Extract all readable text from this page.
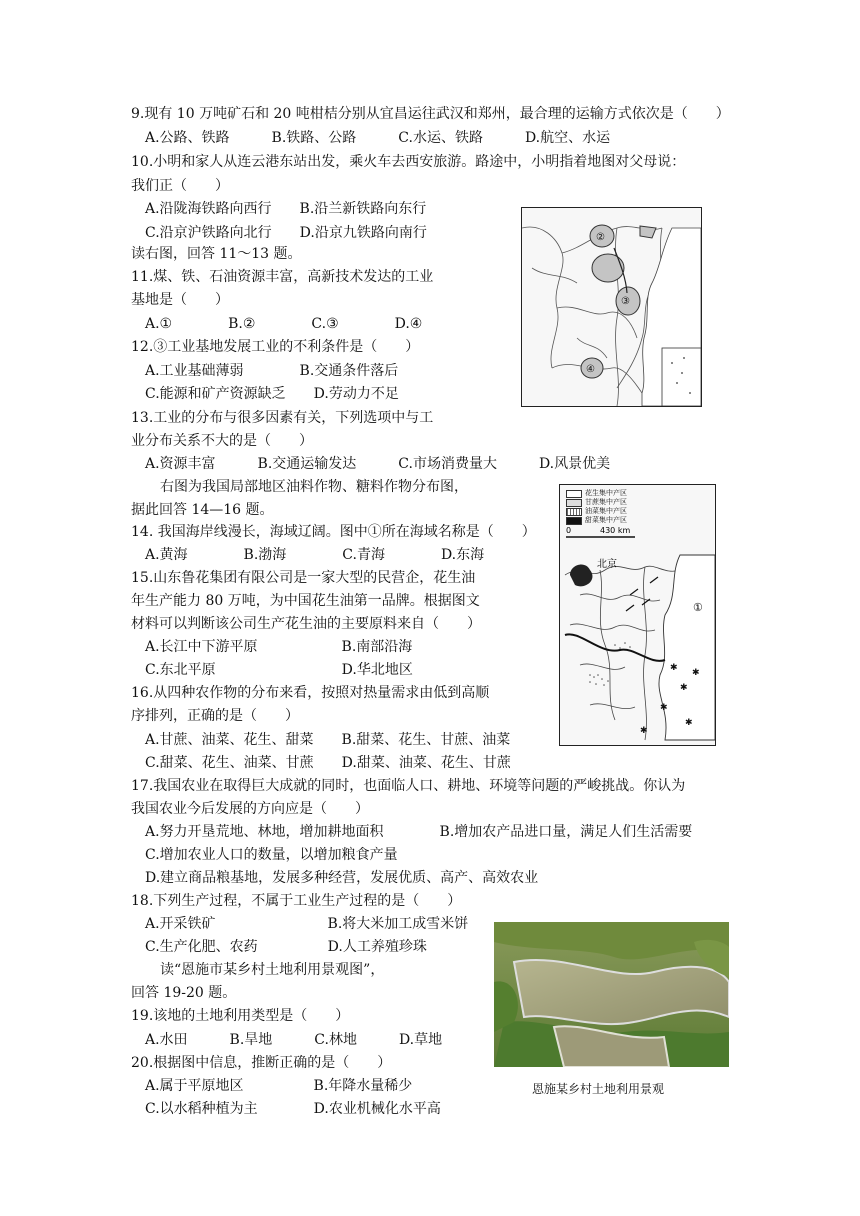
9.现有 10 万吨矿石和 20 吨柑桔分别从宜昌运往武汉和郑州，最合理的运输方式依次是（　　）
A.公路、铁路　　　B.铁路、公路　　　C.水运、铁路　　　D.航空、水运
10.小明和家人从连云港东站出发，乘火车去西安旅游。路途中，小明指着地图对父母说：
我们正（　　）
A.沿陇海铁路向西行　　B.沿兰新铁路向东行
C.沿京沪铁路向北行　　D.沿京九铁路向南行
读右图，回答 11～13 题。
11.煤、铁、石油资源丰富，高新技术发达的工业
基地是（　　）
A.①　　　　B.②　　　　C.③　　　　D.④
12.③工业基地发展工业的不利条件是（　　）
A.工业基础薄弱　　　　B.交通条件落后
C.能源和矿产资源缺乏　　D.劳动力不足
13.工业的分布与很多因素有关，下列选项中与工
业分布关系不大的是（　　）
A.资源丰富　　　B.交通运输发达　　　C.市场消费量大　　　D.风景优美
右图为我国局部地区油料作物、糖料作物分布图，
据此回答 14—16 题。
14. 我国海岸线漫长，海域辽阔。图中①所在海域名称是（　　）
A.黄海　　　　B.渤海　　　　C.青海　　　　D.东海
15.山东鲁花集团有限公司是一家大型的民营企，花生油
年生产能力 80 万吨，为中国花生油第一品牌。根据图文
材料可以判断该公司生产花生油的主要原料来自（　　）
A.长江中下游平原　　　　　　B.南部沿海
C.东北平原　　　　　　　　　D.华北地区
16.从四种农作物的分布来看，按照对热量需求由低到高顺
序排列，正确的是（　　）
A.甘蔗、油菜、花生、甜菜　　B.甜菜、花生、甘蔗、油菜
C.甜菜、花生、油菜、甘蔗　　D.甜菜、油菜、花生、甘蔗
17.我国农业在取得巨大成就的同时，也面临人口、耕地、环境等问题的严峻挑战。你认为
我国农业今后发展的方向应是（　　）
A.努力开垦荒地、林地，增加耕地面积　　　　B.增加农产品进口量，满足人们生活需要
C.增加农业人口的数量，以增加粮食产量
D.建立商品粮基地，发展多种经营，发展优质、高产、高效农业
18.下列生产过程，不属于工业生产过程的是（　　）
A.开采铁矿　　　　　　　　B.将大米加工成雪米饼
C.生产化肥、农药　　　　　D.人工养殖珍珠
读“恩施市某乡村土地利用景观图”，
回答 19-20 题。
19.该地的土地利用类型是（　　）
A.水田　　　B.旱地　　　C.林地　　　D.草地
20.根据图中信息，推断正确的是（　　）
A.属于平原地区　　　　　B.年降水量稀少
C.以水稻种植为主　　　　D.农业机械化水平高
②
③
④
花生集中产区
甘蔗集中产区
油菜集中产区
甜菜集中产区
0	430 km
✱
✱
✱
✱
✱
✱
北京
①
恩施某乡村土地利用景观
